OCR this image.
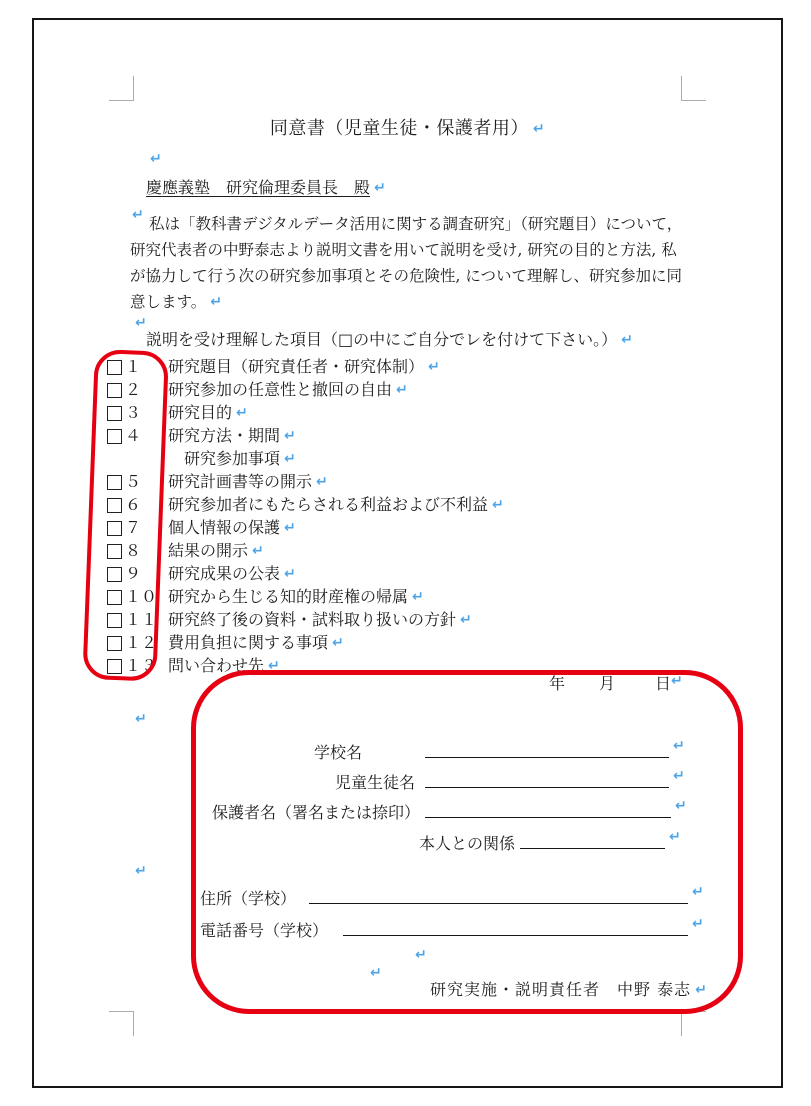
同意書（児童生徒・保護者用） ↵
↵
慶應義塾　研究倫理委員長　殿 ↵
↵ 私は「教科書デジタルデータ活用に関する調査研究」（研究題目）について，
研究代表者の中野泰志より説明文書を用いて説明を受け, 研究の目的と方法, 私
が協力して行う次の研究参加事項とその危険性, について理解し、研究参加に同
意します。 ↵
↵
説明を受け理解した項目（□の中にご自分でレを付けて下さい。） ↵
１ 研究題目（研究責任者・研究体制） ↵
２ 研究参加の任意性と撤回の自由 ↵
３ 研究目的 ↵
４ 研究方法・期間 ↵
研究参加事項 ↵
５ 研究計画書等の開示 ↵
６ 研究参加者にもたらされる利益および不利益 ↵
７ 個人情報の保護 ↵
８ 結果の開示 ↵
９ 研究成果の公表 ↵
１０ 研究から生じる知的財産権の帰属 ↵
１１ 研究終了後の資料・試料取り扱いの方針 ↵
１２ 費用負担に関する事項 ↵
１３ 問い合わせ先 ↵
年 月 日 ↵
↵
学校名	↵
児童生徒名	↵
保護者名（署名または捺印）	↵
本人との関係	↵
住所（学校）	↵
電話番号（学校）	↵
↵
↵
↵
研究実施・説明責任者　中野 泰志 ↵
